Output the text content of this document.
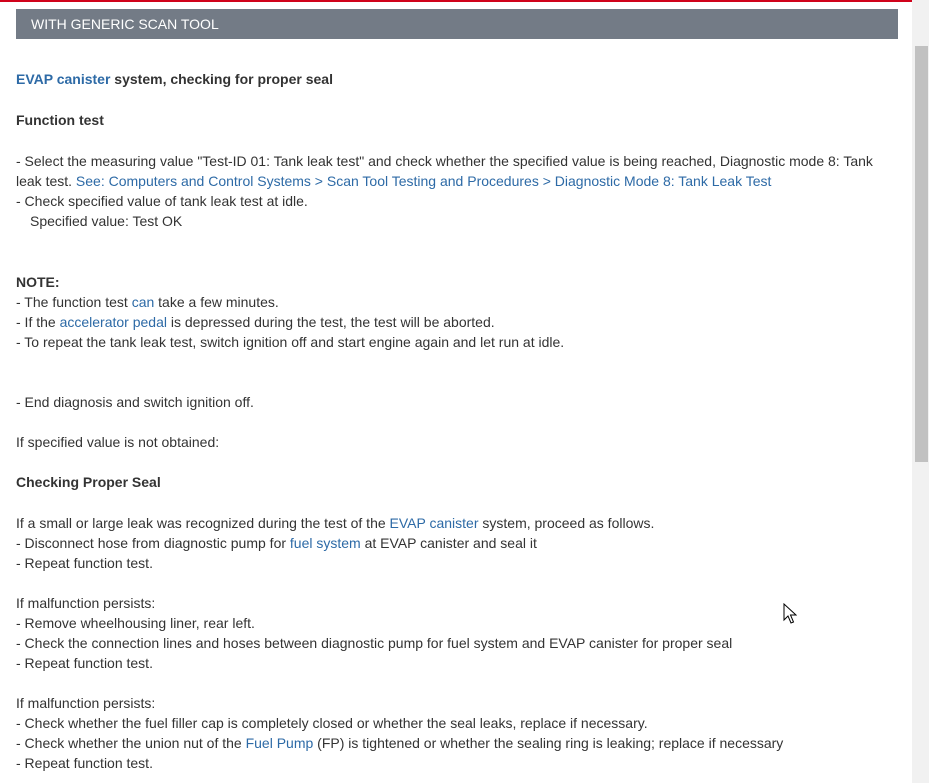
WITH GENERIC SCAN TOOL
EVAP canister system, checking for proper seal
Function test
- Select the measuring value "Test-ID 01: Tank leak test" and check whether the specified value is being reached, Diagnostic mode 8: Tank
leak test. See: Computers and Control Systems > Scan Tool Testing and Procedures > Diagnostic Mode 8: Tank Leak Test
- Check specified value of tank leak test at idle.
Specified value: Test OK
NOTE:
- The function test can take a few minutes.
- If the accelerator pedal is depressed during the test, the test will be aborted.
- To repeat the tank leak test, switch ignition off and start engine again and let run at idle.
- End diagnosis and switch ignition off.
If specified value is not obtained:
Checking Proper Seal
If a small or large leak was recognized during the test of the EVAP canister system, proceed as follows.
- Disconnect hose from diagnostic pump for fuel system at EVAP canister and seal it
- Repeat function test.
If malfunction persists:
- Remove wheelhousing liner, rear left.
- Check the connection lines and hoses between diagnostic pump for fuel system and EVAP canister for proper seal
- Repeat function test.
If malfunction persists:
- Check whether the fuel filler cap is completely closed or whether the seal leaks, replace if necessary.
- Check whether the union nut of the Fuel Pump (FP) is tightened or whether the sealing ring is leaking; replace if necessary
- Repeat function test.
